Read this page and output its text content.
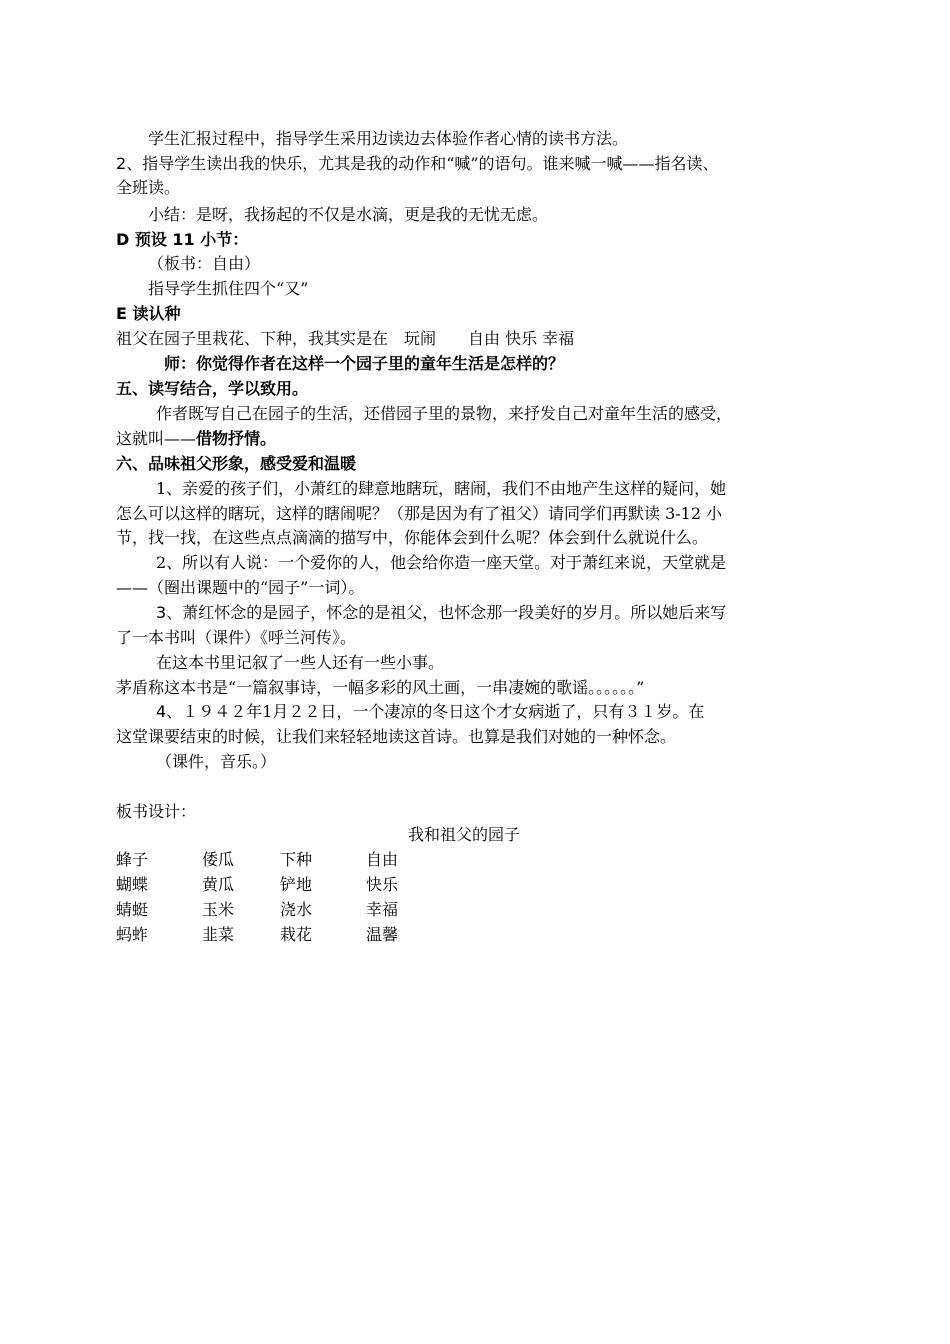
学生汇报过程中，指导学生采用边读边去体验作者心情的读书方法。
2、指导学生读出我的快乐，尤其是我的动作和“喊”的语句。谁来喊一喊——指名读、
全班读。
小结：是呀，我扬起的不仅是水滴，更是我的无忧无虑。
D 预设 11 小节：
（板书：自由）
指导学生抓住四个“又”
E 读认种
祖父在园子里栽花、下种，我其实是在　玩闹　　自由 快乐 幸福
师：你觉得作者在这样一个园子里的童年生活是怎样的？
五、读写结合，学以致用。
作者既写自己在园子的生活，还借园子里的景物，来抒发自己对童年生活的感受，
这就叫——借物抒情。
六、品味祖父形象，感受爱和温暖
1、亲爱的孩子们，小萧红的肆意地瞎玩，瞎闹，我们不由地产生这样的疑问，她
怎么可以这样的瞎玩，这样的瞎闹呢？（那是因为有了祖父）请同学们再默读 3-12 小
节，找一找，在这些点点滴滴的描写中，你能体会到什么呢？体会到什么就说什么。
2、所以有人说：一个爱你的人，他会给你造一座天堂。对于萧红来说，天堂就是
——（圈出课题中的“园子”一词）。
3、萧红怀念的是园子，怀念的是祖父，也怀念那一段美好的岁月。所以她后来写
了一本书叫（课件）《呼兰河传》。
在这本书里记叙了一些人还有一些小事。
茅盾称这本书是“一篇叙事诗，一幅多彩的风土画，一串凄婉的歌谣。。。。。。”
4、１９４２年1月２２日，一个凄凉的冬日这个才女病逝了，只有３１岁。在
这堂课要结束的时候，让我们来轻轻地读这首诗。也算是我们对她的一种怀念。
（课件，音乐。）
板书设计：
我和祖父的园子
蜂子	倭瓜	下种	自由
蝴蝶	黄瓜	铲地	快乐
蜻蜓	玉米	浇水	幸福
蚂蚱	韭菜	栽花	温馨
